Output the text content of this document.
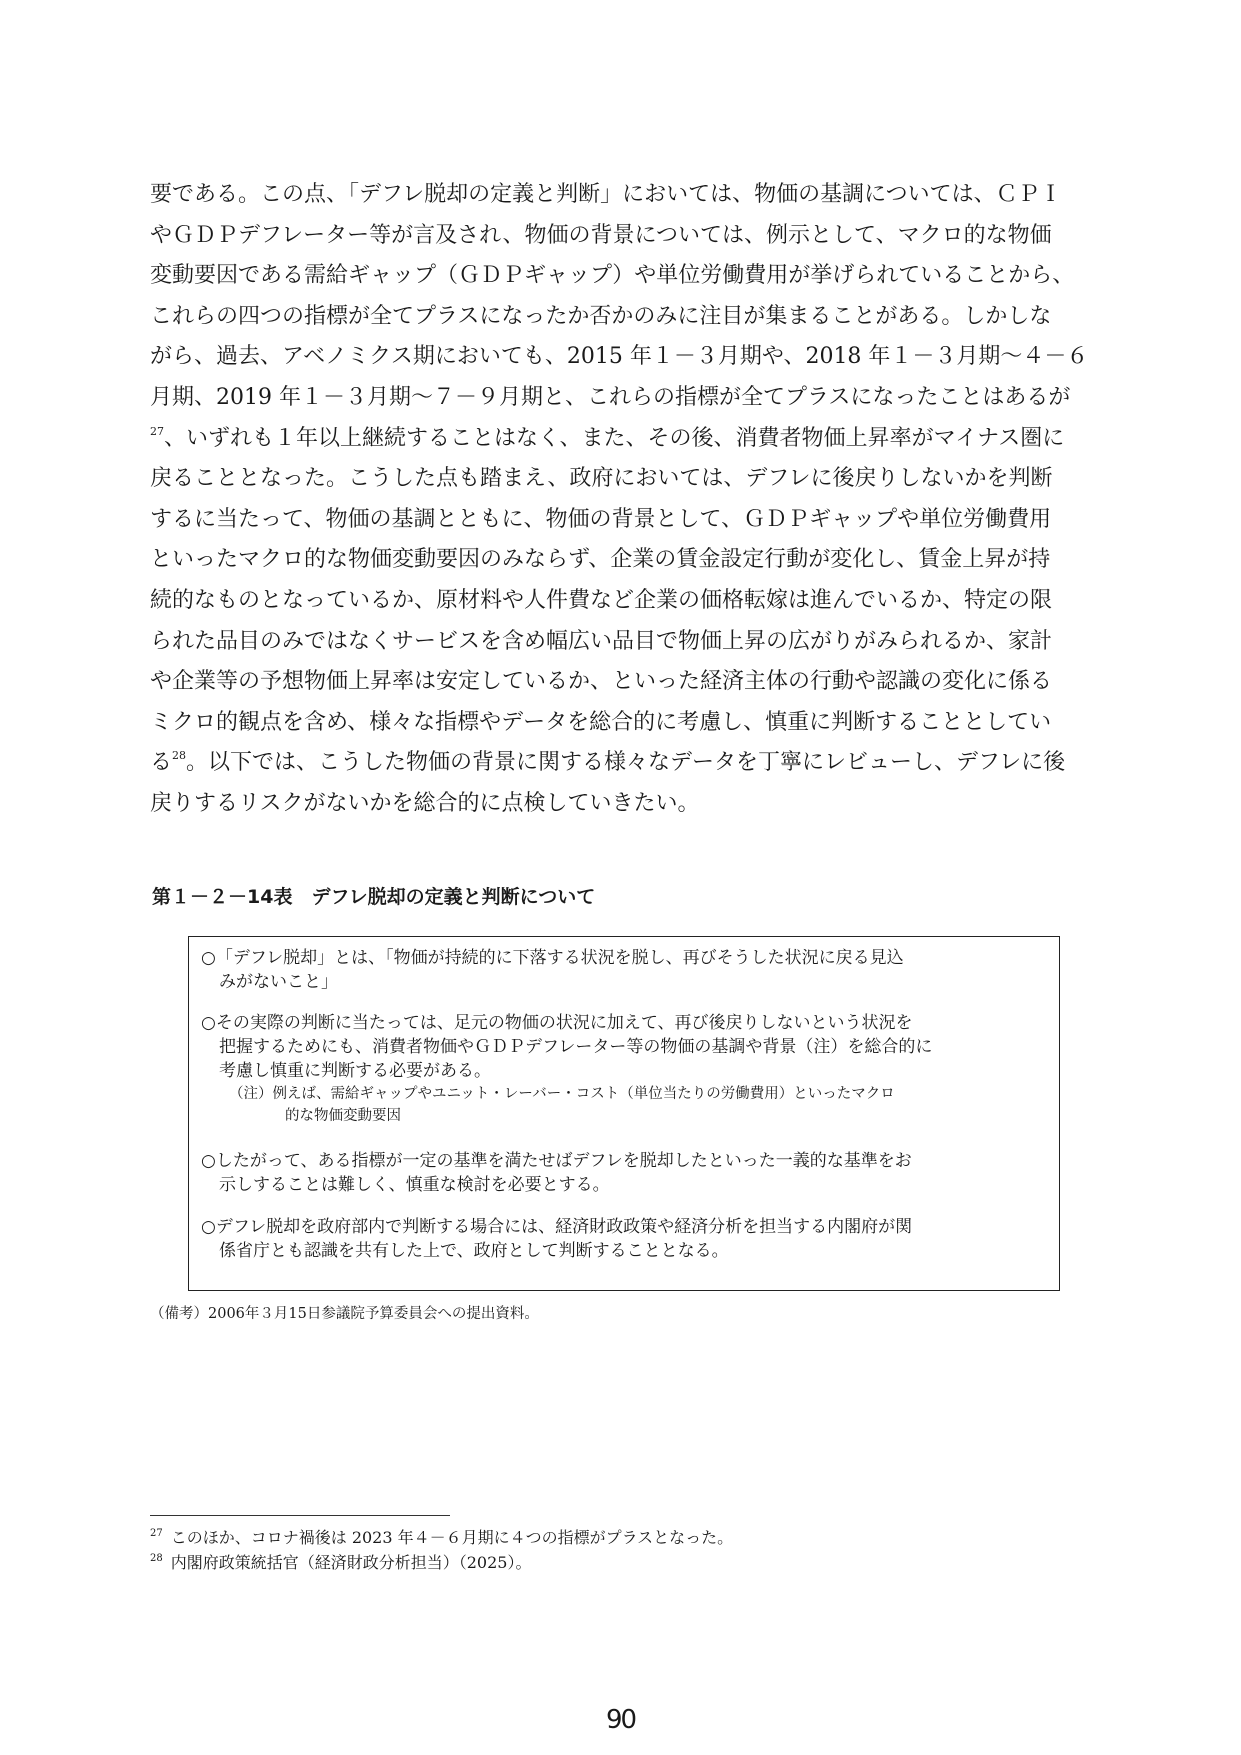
要である。この点、「デフレ脱却の定義と判断」においては、物価の基調については、ＣＰＩ
やＧＤＰデフレーター等が言及され、物価の背景については、例示として、マクロ的な物価
変動要因である需給ギャップ（ＧＤＰギャップ）や単位労働費用が挙げられていることから、
これらの四つの指標が全てプラスになったか否かのみに注目が集まることがある。しかしな
がら、過去、アベノミクス期においても、2015 年１－３月期や、2018 年１－３月期～４－６
月期、2019 年１－３月期～７－９月期と、これらの指標が全てプラスになったことはあるが
$^{27}$、いずれも１年以上継続することはなく、また、その後、消費者物価上昇率がマイナス圏に
戻ることとなった。こうした点も踏まえ、政府においては、デフレに後戻りしないかを判断
するに当たって、物価の基調とともに、物価の背景として、ＧＤＰギャップや単位労働費用
といったマクロ的な物価変動要因のみならず、企業の賃金設定行動が変化し、賃金上昇が持
続的なものとなっているか、原材料や人件費など企業の価格転嫁は進んでいるか、特定の限
られた品目のみではなくサービスを含め幅広い品目で物価上昇の広がりがみられるか、家計
や企業等の予想物価上昇率は安定しているか、といった経済主体の行動や認識の変化に係る
ミクロ的観点を含め、様々な指標やデータを総合的に考慮し、慎重に判断することとしてい
る$^{28}$。以下では、こうした物価の背景に関する様々なデータを丁寧にレビューし、デフレに後
戻りするリスクがないかを総合的に点検していきたい。
第１－２－14表　デフレ脱却の定義と判断について
○「デフレ脱却」とは、「物価が持続的に下落する状況を脱し、再びそうした状況に戻る見込
みがないこと」
○その実際の判断に当たっては、足元の物価の状況に加えて、再び後戻りしないという状況を
把握するためにも、消費者物価やＧＤＰデフレーター等の物価の基調や背景（注）を総合的に
考慮し慎重に判断する必要がある。
（注）例えば、需給ギャップやユニット・レーバー・コスト（単位当たりの労働費用）といったマクロ
的な物価変動要因
○したがって、ある指標が一定の基準を満たせばデフレを脱却したといった一義的な基準をお
示しすることは難しく、慎重な検討を必要とする。
○デフレ脱却を政府部内で判断する場合には、経済財政政策や経済分析を担当する内閣府が関
係省庁とも認識を共有した上で、政府として判断することとなる。
（備考）2006年３月15日参議院予算委員会への提出資料。
$^{27}$ このほか、コロナ禍後は 2023 年４－６月期に４つの指標がプラスとなった。
$^{28}$ 内閣府政策統括官（経済財政分析担当）（2025）。
90
